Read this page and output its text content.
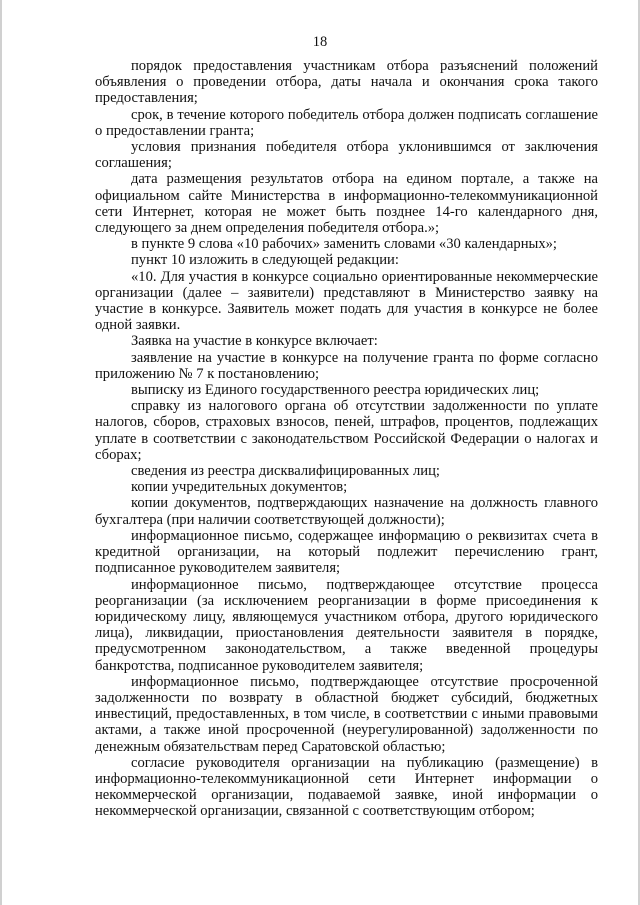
18

порядок предоставления участникам отбора разъяснений положений объявления о проведении отбора, даты начала и окончания срока такого предоставления;

срок, в течение которого победитель отбора должен подписать соглашение о предоставлении гранта;

условия признания победителя отбора уклонившимся от заключения соглашения;

дата размещения результатов отбора на едином портале, а также на официальном сайте Министерства в информационно-телекоммуникационной сети Интернет, которая не может быть позднее 14-го календарного дня, следующего за днем определения победителя отбора.»;

в пункте 9 слова «10 рабочих» заменить словами «30 календарных»;

пункт 10 изложить в следующей редакции:

«10. Для участия в конкурсе социально ориентированные некоммерческие организации (далее – заявители) представляют в Министерство заявку на участие в конкурсе. Заявитель может подать для участия в конкурсе не более одной заявки.

Заявка на участие в конкурсе включает:

заявление на участие в конкурсе на получение гранта по форме согласно приложению № 7 к постановлению;

выписку из Единого государственного реестра юридических лиц;

справку из налогового органа об отсутствии задолженности по уплате налогов, сборов, страховых взносов, пеней, штрафов, процентов, подлежащих уплате в соответствии с законодательством Российской Федерации о налогах и сборах;

сведения из реестра дисквалифицированных лиц;

копии учредительных документов;

копии документов, подтверждающих назначение на должность главного бухгалтера (при наличии соответствующей должности);

информационное письмо, содержащее информацию о реквизитах счета в кредитной организации, на который подлежит перечислению грант, подписанное руководителем заявителя;

информационное письмо, подтверждающее отсутствие процесса реорганизации (за исключением реорганизации в форме присоединения к юридическому лицу, являющемуся участником отбора, другого юридического лица), ликвидации, приостановления деятельности заявителя в порядке, предусмотренном законодательством, а также введенной процедуры банкротства, подписанное руководителем заявителя;

информационное письмо, подтверждающее отсутствие просроченной задолженности по возврату в областной бюджет субсидий, бюджетных инвестиций, предоставленных, в том числе, в соответствии с иными правовыми актами, а также иной просроченной (неурегулированной) задолженности по денежным обязательствам перед Саратовской областью;

согласие руководителя организации на публикацию (размещение) в информационно-телекоммуникационной сети Интернет информации о некоммерческой организации, подаваемой заявке, иной информации о некоммерческой организации, связанной с соответствующим отбором;
